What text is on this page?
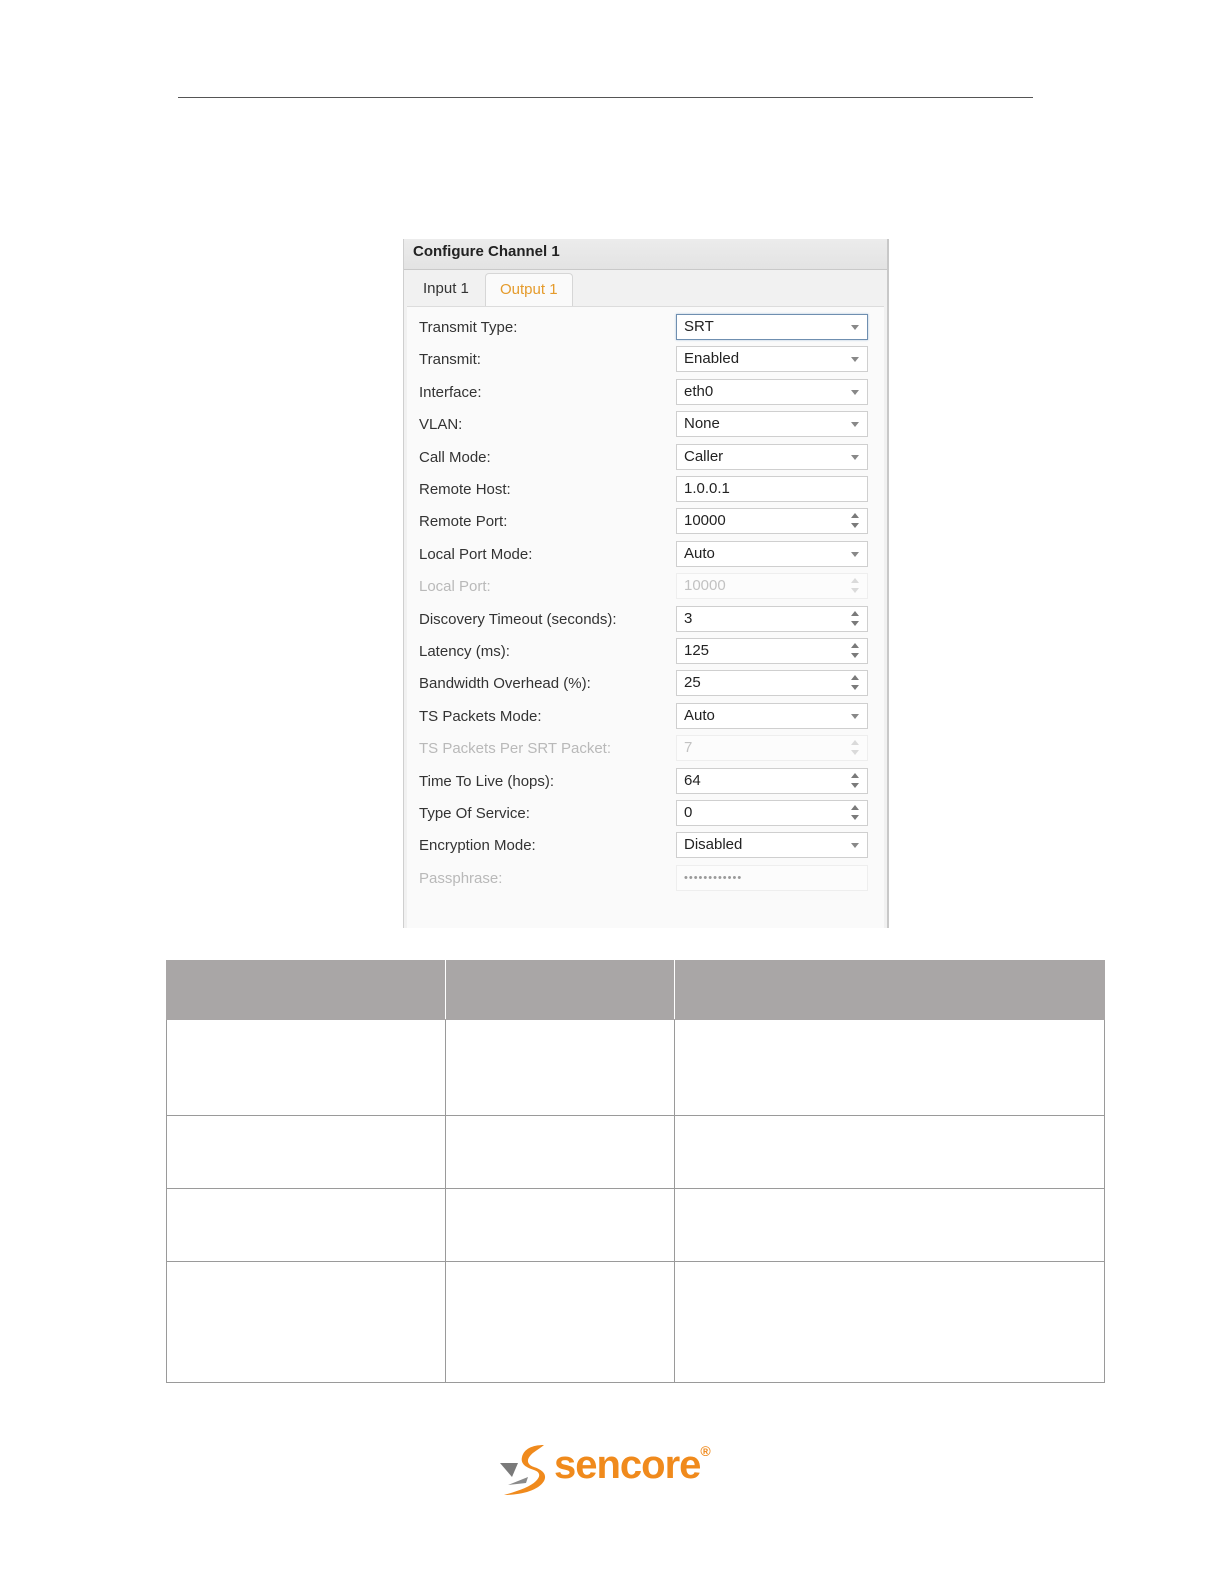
Configure Channel 1
Input 1	Output 1
Transmit Type:	SRT
Transmit:	Enabled
Interface:	eth0
VLAN:	None
Call Mode:	Caller
Remote Host:	1.0.0.1
Remote Port:	10000
Local Port Mode:	Auto
Local Port:	10000
Discovery Timeout (seconds):	3
Latency (ms):	125
Bandwidth Overhead (%):	25
TS Packets Mode:	Auto
TS Packets Per SRT Packet:	7
Time To Live (hops):	64
Type Of Service:	0
Encryption Mode:	Disabled
Passphrase:	••••••••••••

sencore®
